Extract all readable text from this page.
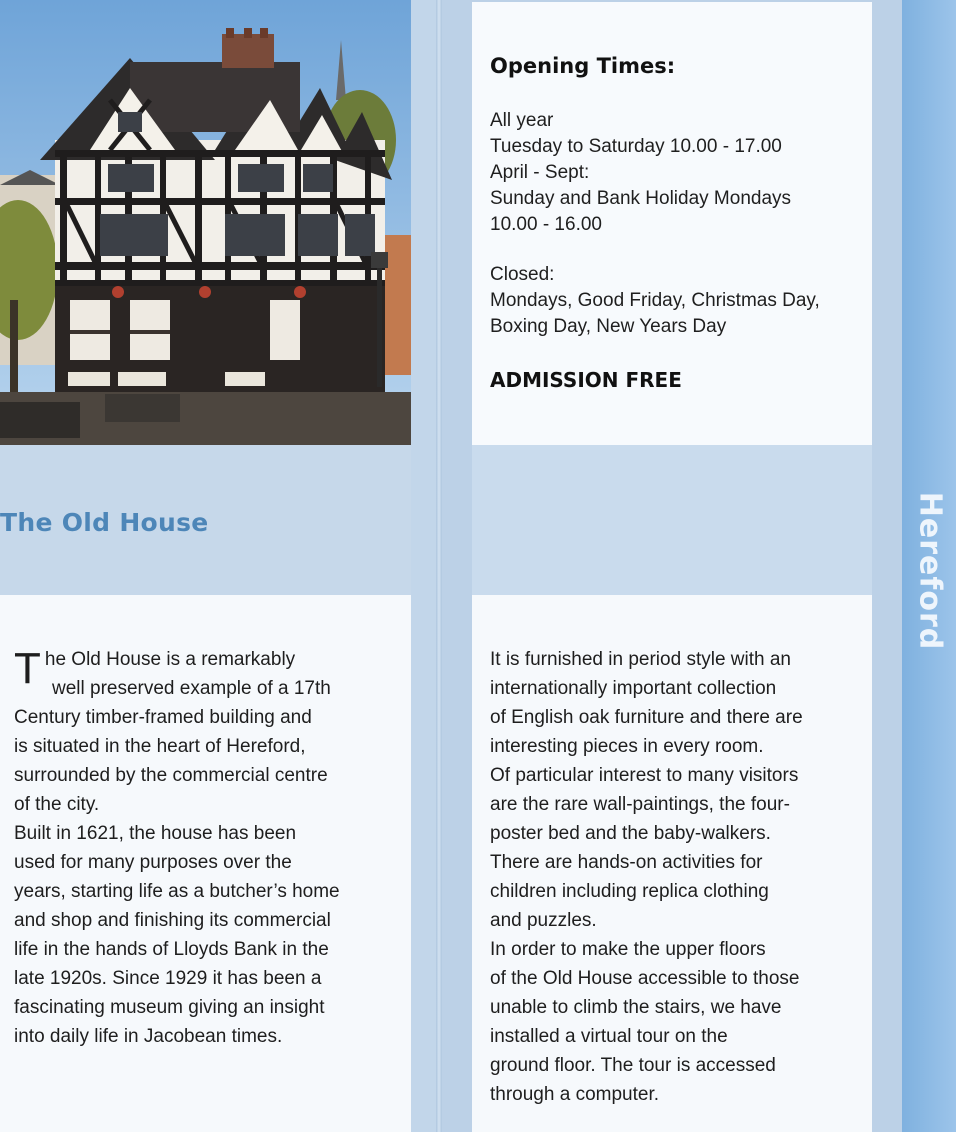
Opening Times:
All year
Tuesday to Saturday 10.00 - 17.00
April - Sept:
Sunday and Bank Holiday Mondays
10.00 - 16.00
Closed:
Mondays, Good Friday, Christmas Day,
Boxing Day, New Years Day
ADMISSION FREE
The Old House	Hereford
T he Old House is a remarkably
well preserved example of a 17th
Century timber-framed building and
is situated in the heart of Hereford,
surrounded by the commercial centre
of the city.
Built in 1621, the house has been
used for many purposes over the
years, starting life as a butcher’s home
and shop and finishing its commercial
life in the hands of Lloyds Bank in the
late 1920s. Since 1929 it has been a
fascinating museum giving an insight
into daily life in Jacobean times.
It is furnished in period style with an
internationally important collection
of English oak furniture and there are
interesting pieces in every room.
Of particular interest to many visitors
are the rare wall-paintings, the four-
poster bed and the baby-walkers.
There are hands-on activities for
children including replica clothing
and puzzles.
In order to make the upper floors
of the Old House accessible to those
unable to climb the stairs, we have
installed a virtual tour on the
ground floor. The tour is accessed
through a computer.
